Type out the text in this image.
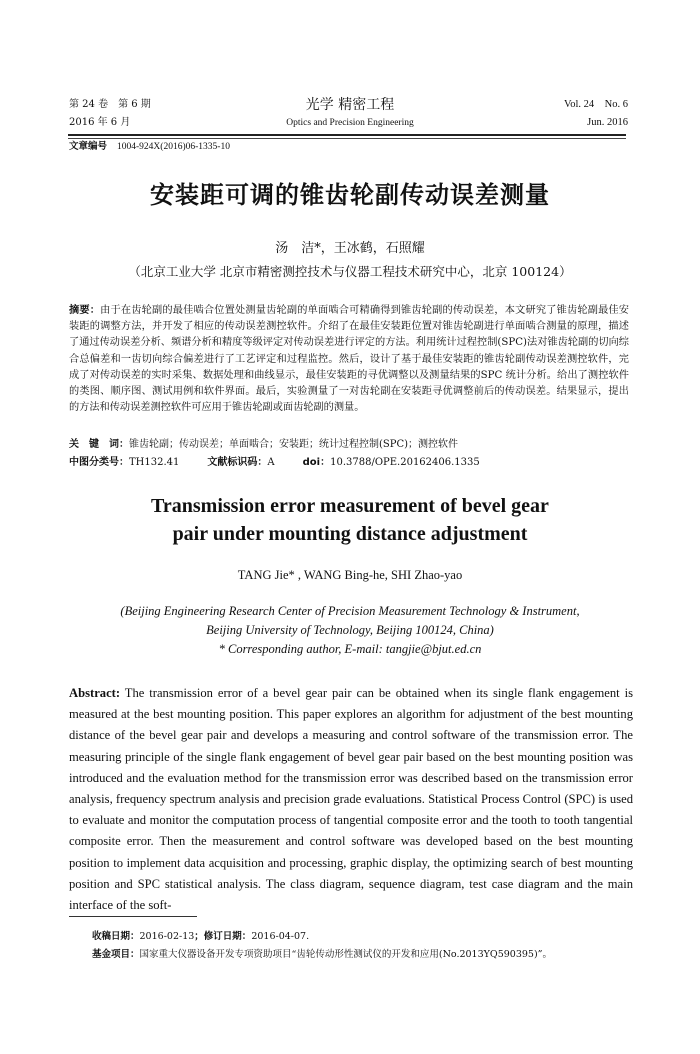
第 24 卷　第 6 期
2016 年 6 月
光学 精密工程
Optics and Precision Engineering
Vol. 24　No. 6
Jun. 2016
文章编号 1004-924X(2016)06-1335-10
安装距可调的锥齿轮副传动误差测量
汤　洁*，王冰鹤，石照耀
（北京工业大学 北京市精密测控技术与仪器工程技术研究中心，北京 100124）
摘要：由于在齿轮副的最佳啮合位置处测量齿轮副的单面啮合可精确得到锥齿轮副的传动误差，本文研究了锥齿轮副最佳安装距的调整方法，并开发了相应的传动误差测控软件。介绍了在最佳安装距位置对锥齿轮副进行单面啮合测量的原理，描述了通过传动误差分析、频谱分析和精度等级评定对传动误差进行评定的方法。利用统计过程控制(SPC)法对锥齿轮副的切向综合总偏差和一齿切向综合偏差进行了工艺评定和过程监控。然后，设计了基于最佳安装距的锥齿轮副传动误差测控软件，完成了对传动误差的实时采集、数据处理和曲线显示，最佳安装距的寻优调整以及测量结果的SPC 统计分析。给出了测控软件的类图、顺序图、测试用例和软件界面。最后，实验测量了一对齿轮副在安装距寻优调整前后的传动误差。结果显示，提出的方法和传动误差测控软件可应用于锥齿轮副或面齿轮副的测量。
关　键　词：锥齿轮副；传动误差；单面啮合；安装距；统计过程控制(SPC)；测控软件
中图分类号：TH132.41	文献标识码：A	doi：10.3788/OPE.20162406.1335
Transmission error measurement of bevel gear
pair under mounting distance adjustment
TANG Jie* , WANG Bing-he, SHI Zhao-yao
(Beijing Engineering Research Center of Precision Measurement Technology & Instrument,
Beijing University of Technology, Beijing 100124, China)
* Corresponding author, E-mail: tangjie@bjut.ed.cn
Abstract: The transmission error of a bevel gear pair can be obtained when its single flank engagement is measured at the best mounting position. This paper explores an algorithm for adjustment of the best mounting distance of the bevel gear pair and develops a measuring and control software of the transmission error. The measuring principle of the single flank engagement of bevel gear pair based on the best mounting position was introduced and the evaluation method for the transmission error was described based on the transmission error analysis, frequency spectrum analysis and precision grade evaluations. Statistical Process Control (SPC) is used to evaluate and monitor the computation process of tangential composite error and the tooth to tooth tangential composite error. Then the measurement and control software was developed based on the best mounting position to implement data acquisition and processing, graphic display, the optimizing search of best mounting position and SPC statistical analysis. The class diagram, sequence diagram, test case diagram and the main interface of the soft-
收稿日期：2016-02-13；修订日期：2016-04-07.
基金项目：国家重大仪器设备开发专项资助项目“齿轮传动形性测试仪的开发和应用(No.2013YQ590395)”。
